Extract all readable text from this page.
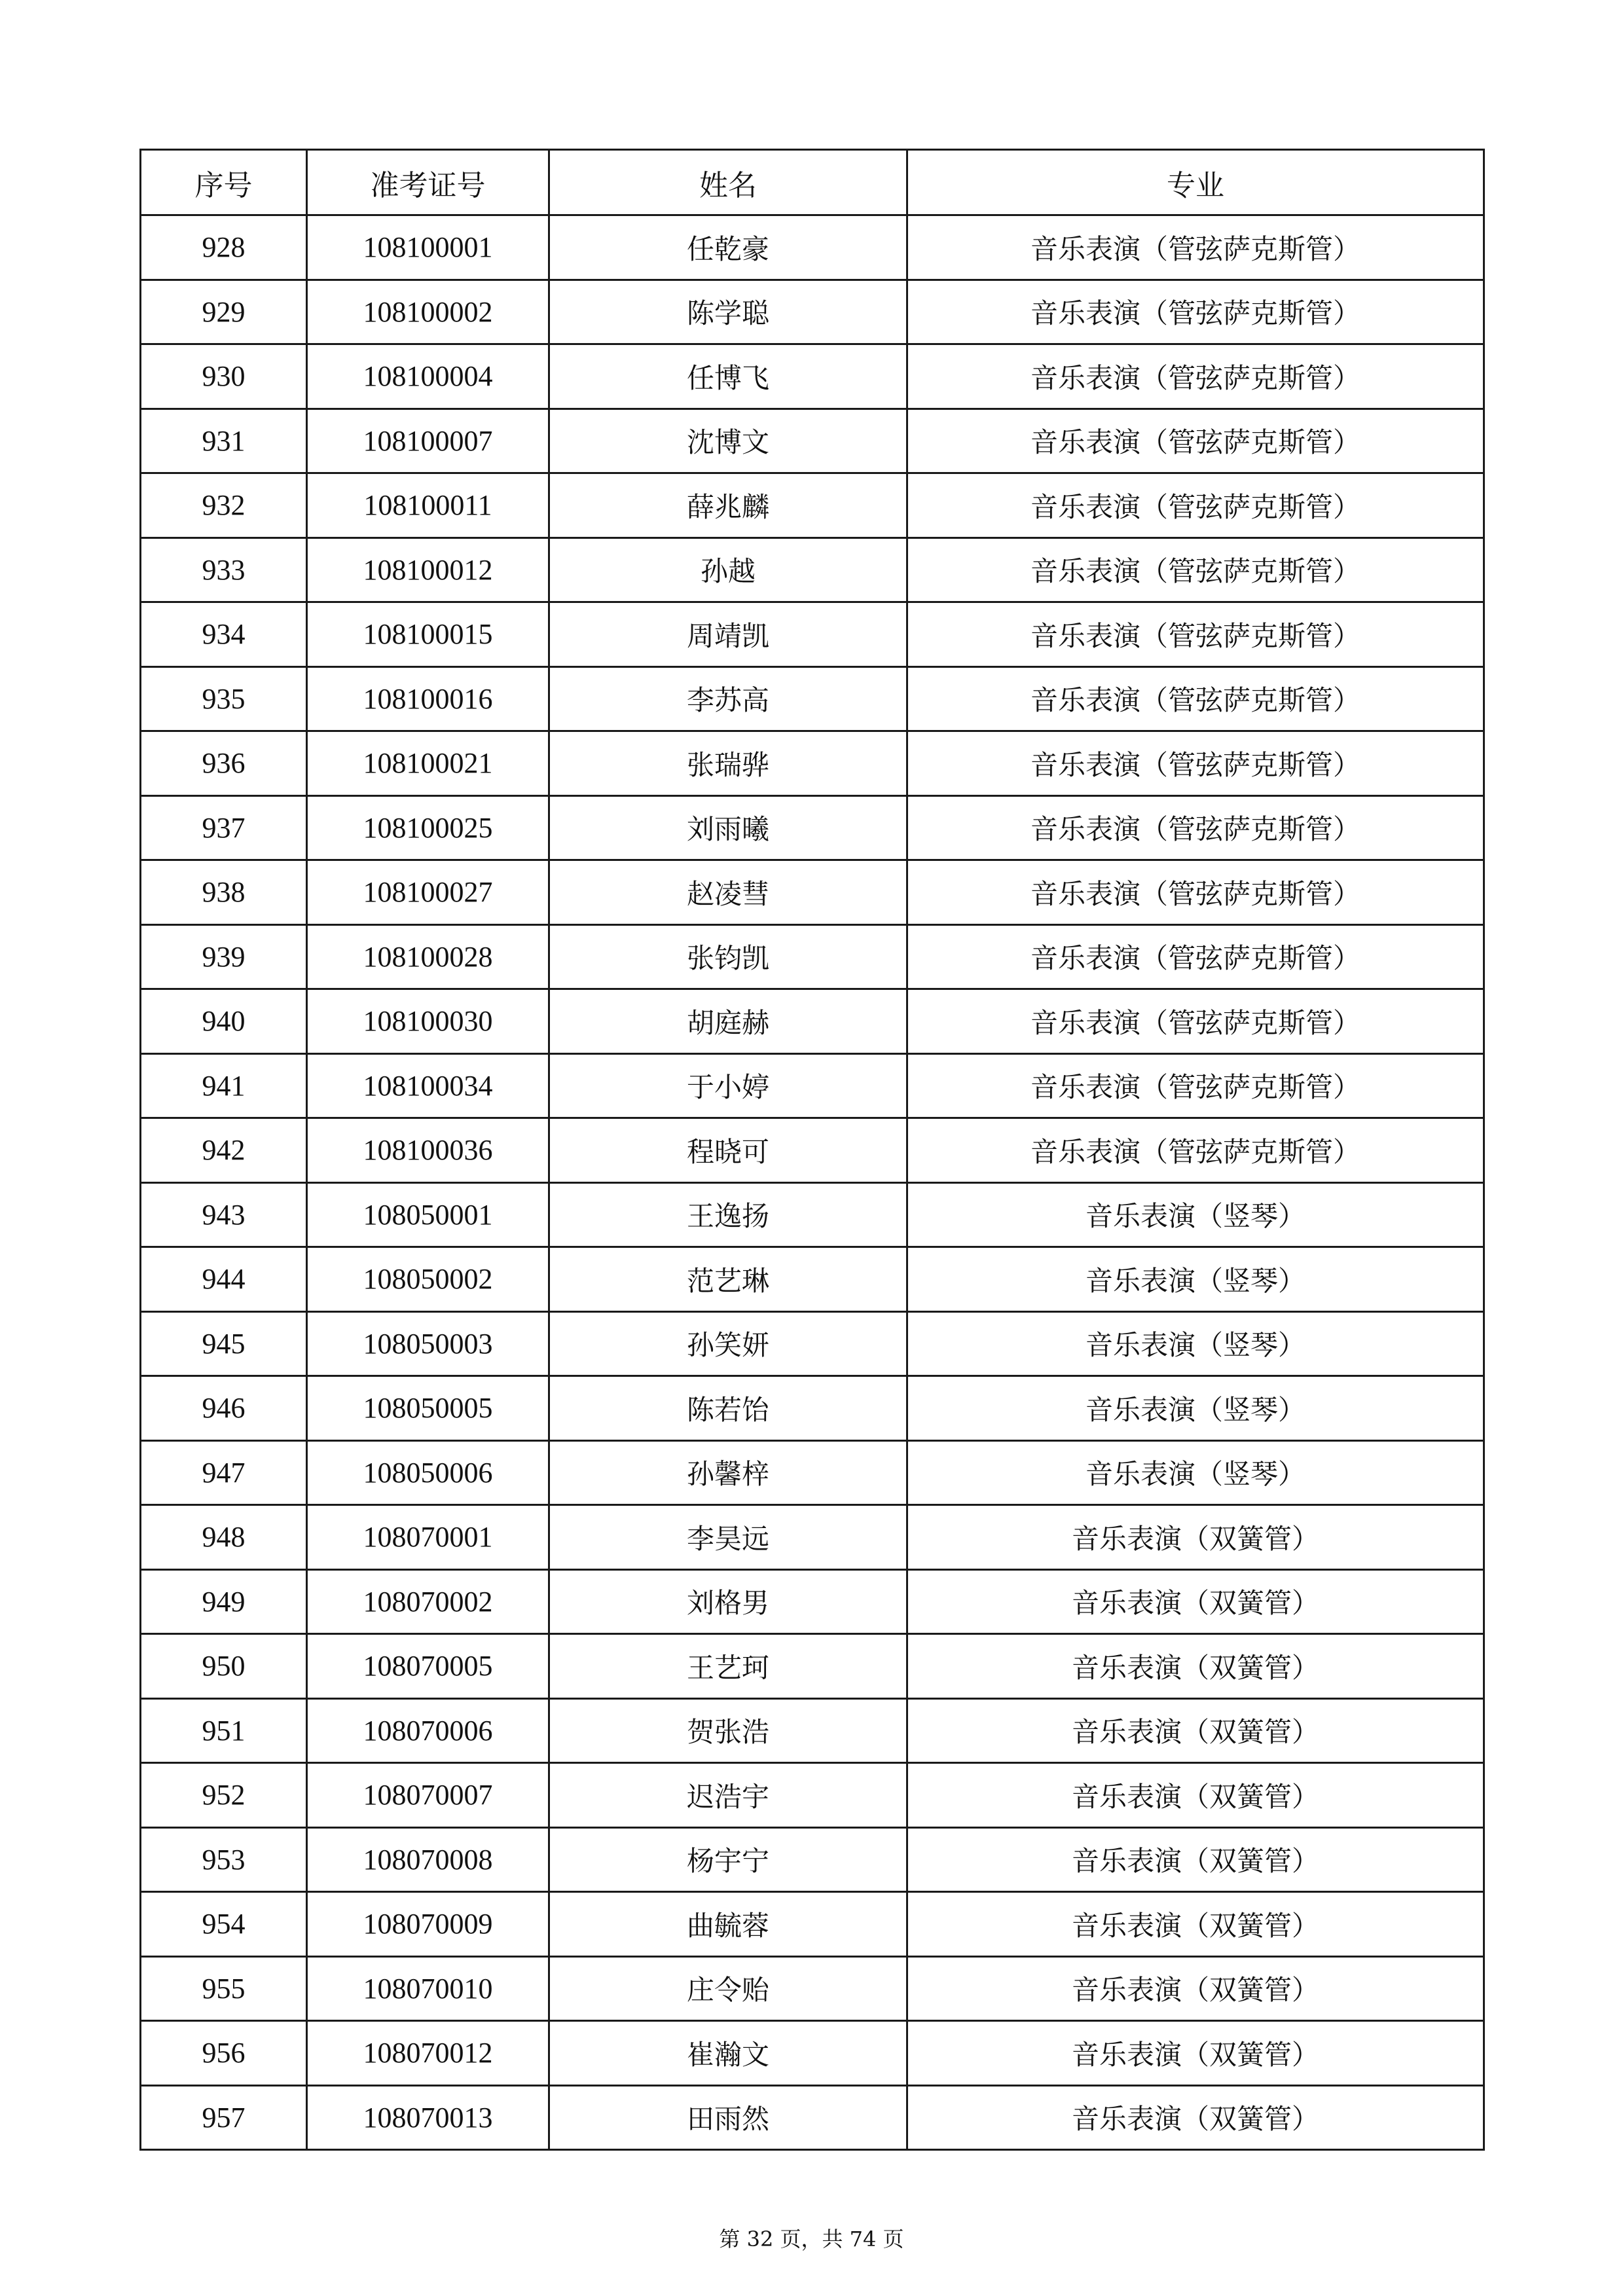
序号	准考证号	姓名	专业
928	108100001	任乾豪	音乐表演（管弦萨克斯管）
929	108100002	陈学聪	音乐表演（管弦萨克斯管）
930	108100004	任博飞	音乐表演（管弦萨克斯管）
931	108100007	沈博文	音乐表演（管弦萨克斯管）
932	108100011	薛兆麟	音乐表演（管弦萨克斯管）
933	108100012	孙越	音乐表演（管弦萨克斯管）
934	108100015	周靖凯	音乐表演（管弦萨克斯管）
935	108100016	李苏高	音乐表演（管弦萨克斯管）
936	108100021	张瑞骅	音乐表演（管弦萨克斯管）
937	108100025	刘雨曦	音乐表演（管弦萨克斯管）
938	108100027	赵凌彗	音乐表演（管弦萨克斯管）
939	108100028	张钧凯	音乐表演（管弦萨克斯管）
940	108100030	胡庭赫	音乐表演（管弦萨克斯管）
941	108100034	于小婷	音乐表演（管弦萨克斯管）
942	108100036	程晓可	音乐表演（管弦萨克斯管）
943	108050001	王逸扬	音乐表演（竖琴）
944	108050002	范艺琳	音乐表演（竖琴）
945	108050003	孙笑妍	音乐表演（竖琴）
946	108050005	陈若饴	音乐表演（竖琴）
947	108050006	孙馨梓	音乐表演（竖琴）
948	108070001	李昊远	音乐表演（双簧管）
949	108070002	刘格男	音乐表演（双簧管）
950	108070005	王艺珂	音乐表演（双簧管）
951	108070006	贺张浩	音乐表演（双簧管）
952	108070007	迟浩宇	音乐表演（双簧管）
953	108070008	杨宇宁	音乐表演（双簧管）
954	108070009	曲毓蓉	音乐表演（双簧管）
955	108070010	庄令贻	音乐表演（双簧管）
956	108070012	崔瀚文	音乐表演（双簧管）
957	108070013	田雨然	音乐表演（双簧管）
第 32 页，共 74 页
